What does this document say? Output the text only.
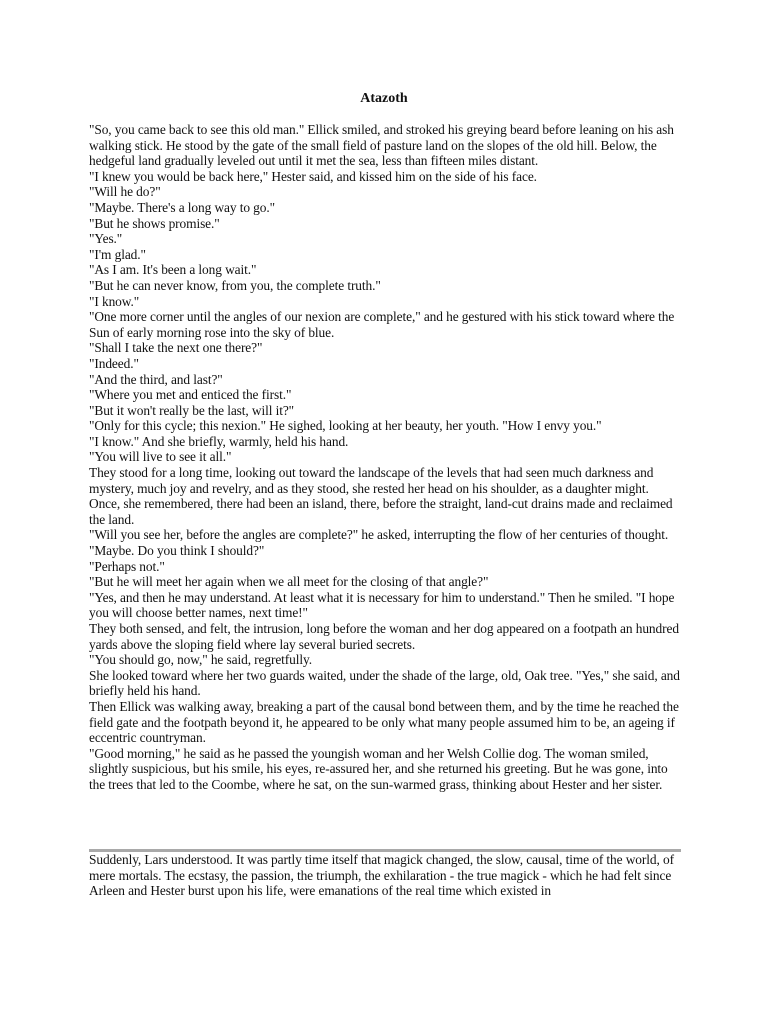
Atazoth

"So, you came back to see this old man." Ellick smiled, and stroked his greying beard before leaning on his ash walking stick. He stood by the gate of the small field of pasture land on the slopes of the old hill. Below, the hedgeful land gradually leveled out until it met the sea, less than fifteen miles distant.

"I knew you would be back here," Hester said, and kissed him on the side of his face.

"Will he do?"

"Maybe. There's a long way to go."

"But he shows promise."

"Yes."

"I'm glad."

"As I am. It's been a long wait."

"But he can never know, from you, the complete truth."

"I know."

"One more corner until the angles of our nexion are complete," and he gestured with his stick toward where the Sun of early morning rose into the sky of blue.

"Shall I take the next one there?"

"Indeed."

"And the third, and last?"

"Where you met and enticed the first."

"But it won't really be the last, will it?"

"Only for this cycle; this nexion." He sighed, looking at her beauty, her youth. "How I envy you."

"I know." And she briefly, warmly, held his hand.

"You will live to see it all."

They stood for a long time, looking out toward the landscape of the levels that had seen much darkness and mystery, much joy and revelry, and as they stood, she rested her head on his shoulder, as a daughter might. Once, she remembered, there had been an island, there, before the straight, land-cut drains made and reclaimed the land.

"Will you see her, before the angles are complete?" he asked, interrupting the flow of her centuries of thought.

"Maybe. Do you think I should?"

"Perhaps not."

"But he will meet her again when we all meet for the closing of that angle?"

"Yes, and then he may understand. At least what it is necessary for him to understand." Then he smiled. "I hope you will choose better names, next time!"

They both sensed, and felt, the intrusion, long before the woman and her dog appeared on a footpath an hundred yards above the sloping field where lay several buried secrets.

"You should go, now," he said, regretfully.

She looked toward where her two guards waited, under the shade of the large, old, Oak tree. "Yes," she said, and briefly held his hand.

Then Ellick was walking away, breaking a part of the causal bond between them, and by the time he reached the field gate and the footpath beyond it, he appeared to be only what many people assumed him to be, an ageing if eccentric countryman.

"Good morning," he said as he passed the youngish woman and her Welsh Collie dog. The woman smiled, slightly suspicious, but his smile, his eyes, re-assured her, and she returned his greeting. But he was gone, into the trees that led to the Coombe, where he sat, on the sun-warmed grass, thinking about Hester and her sister.

Suddenly, Lars understood. It was partly time itself that magick changed, the slow, causal, time of the world, of mere mortals. The ecstasy, the passion, the triumph, the exhilaration - the true magick - which he had felt since Arleen and Hester burst upon his life, were emanations of the real time which existed in
